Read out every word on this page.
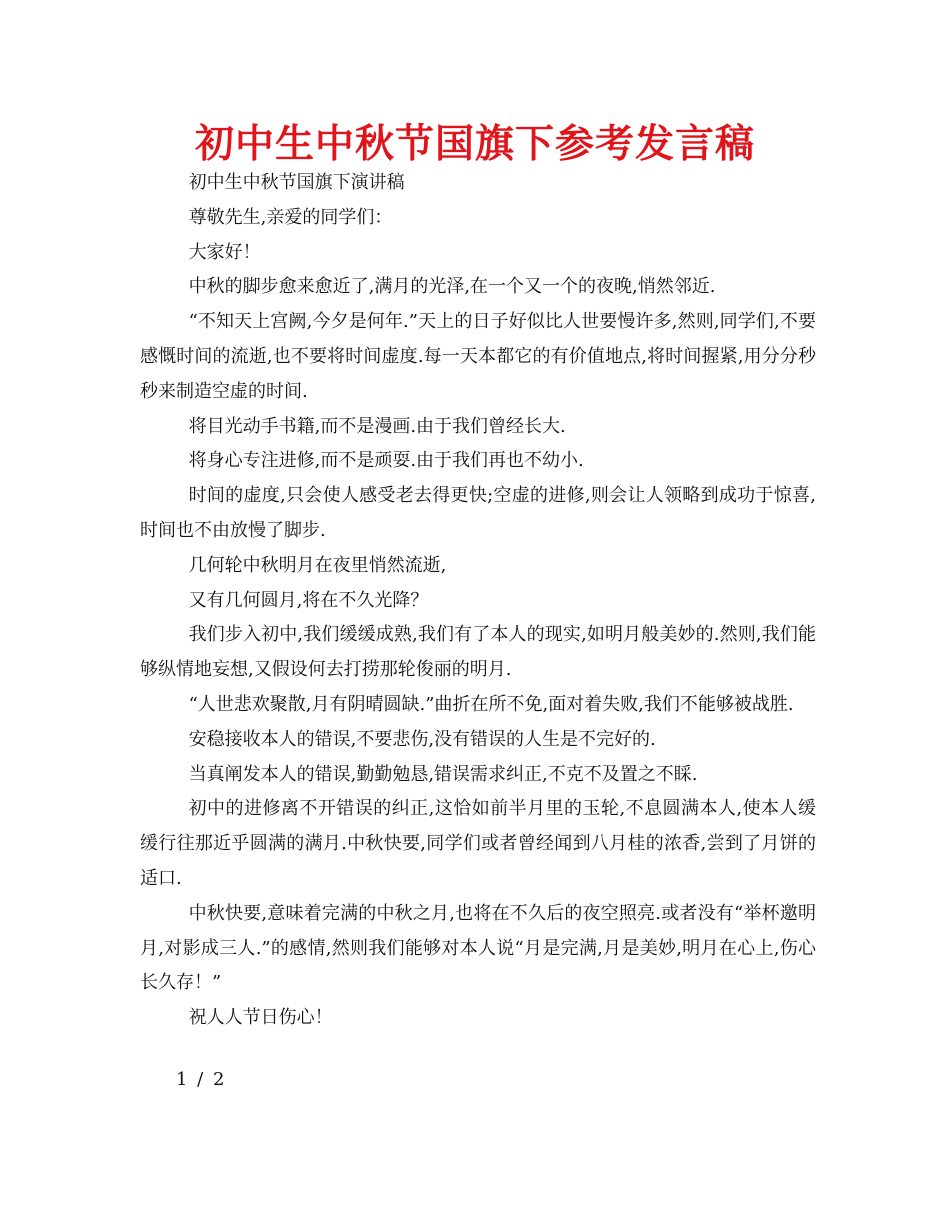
初中生中秋节国旗下参考发言稿

初中生中秋节国旗下演讲稿

尊敬先生,亲爱的同学们：

大家好！

中秋的脚步愈来愈近了,满月的光泽,在一个又一个的夜晚,悄然邻近.

“不知天上宫阙,今夕是何年.”天上的日子好似比人世要慢许多,然则,同学们,不要感慨时间的流逝,也不要将时间虚度.每一天本都它的有价值地点,将时间握紧,用分分秒秒来制造空虚的时间.

将目光动手书籍,而不是漫画.由于我们曾经长大.

将身心专注进修,而不是顽耍.由于我们再也不幼小.

时间的虚度,只会使人感受老去得更快;空虚的进修,则会让人领略到成功于惊喜,时间也不由放慢了脚步.

几何轮中秋明月在夜里悄然流逝,

又有几何圆月,将在不久光降？

我们步入初中,我们缓缓成熟,我们有了本人的现实,如明月般美妙的.然则,我们能够纵情地妄想,又假设何去打捞那轮俊丽的明月.

“人世悲欢聚散,月有阴晴圆缺.”曲折在所不免,面对着失败,我们不能够被战胜.

安稳接收本人的错误,不要悲伤,没有错误的人生是不完好的.

当真阐发本人的错误,勤勤勉恳,错误需求纠正,不克不及置之不睬.

初中的进修离不开错误的纠正,这恰如前半月里的玉轮,不息圆满本人,使本人缓缓行往那近乎圆满的满月.中秋快要,同学们或者曾经闻到八月桂的浓香,尝到了月饼的适口.

中秋快要,意味着完满的中秋之月,也将在不久后的夜空照亮.或者没有“举杯邀明月,对影成三人.”的感情,然则我们能够对本人说“月是完满,月是美妙,明月在心上,伤心长久存！”

祝人人节日伤心！

1 / 2
